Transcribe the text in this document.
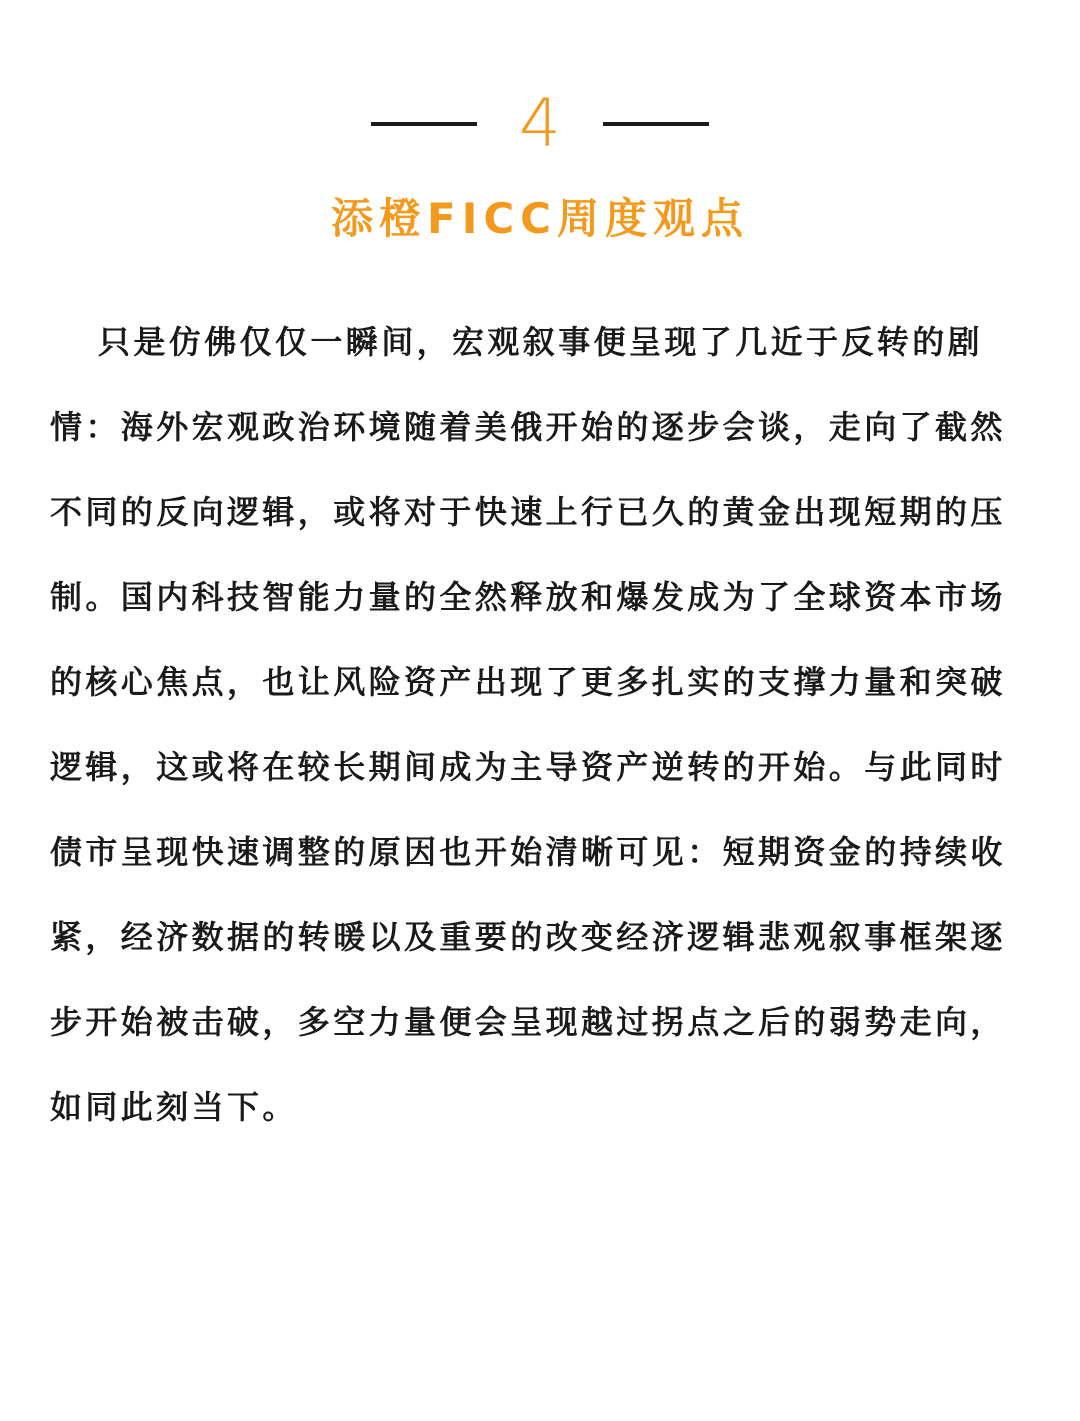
4
添橙FICC周度观点

只是仿佛仅仅一瞬间，宏观叙事便呈现了几近于反转的剧情：海外宏观政治环境随着美俄开始的逐步会谈，走向了截然不同的反向逻辑，或将对于快速上行已久的黄金出现短期的压制。国内科技智能力量的全然释放和爆发成为了全球资本市场的核心焦点，也让风险资产出现了更多扎实的支撑力量和突破逻辑，这或将在较长期间成为主导资产逆转的开始。与此同时债市呈现快速调整的原因也开始清晰可见：短期资金的持续收紧，经济数据的转暖以及重要的改变经济逻辑悲观叙事框架逐步开始被击破，多空力量便会呈现越过拐点之后的弱势走向，如同此刻当下。
